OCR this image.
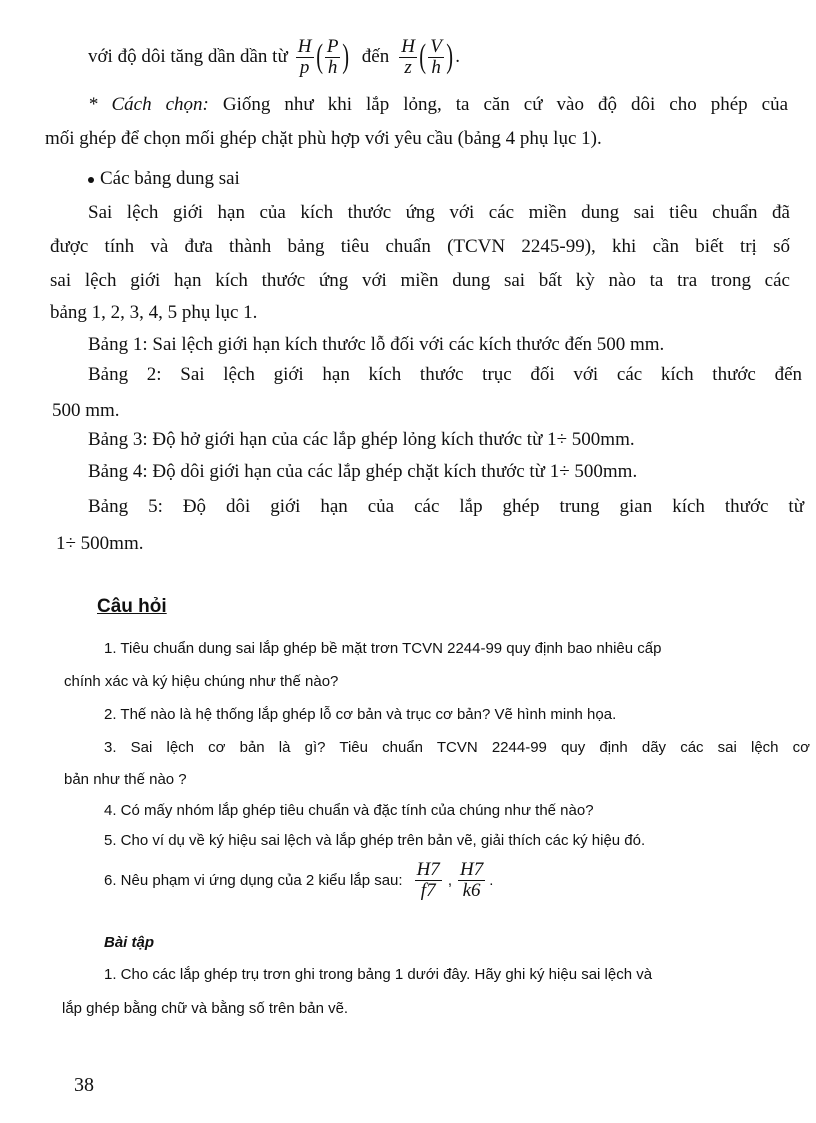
với độ dôi tăng dần dần từ $\frac{H}{p}$ ( $\frac{P}{h}$ ) đến $\frac{H}{z}$ ( $\frac{V}{h}$ ) .
* Cách chọn: Giống như khi lắp lỏng, ta căn cứ vào độ dôi cho phép của
mối ghép để chọn mối ghép chặt phù hợp với yêu cầu (bảng 4 phụ lục 1).
Các bảng dung sai
Sai lệch giới hạn của kích thước ứng với các miền dung sai tiêu chuẩn đã
được tính và đưa thành bảng tiêu chuẩn (TCVN 2245-99), khi cần biết trị số
sai lệch giới hạn kích thước ứng với miền dung sai bất kỳ nào ta tra trong các
bảng 1, 2, 3, 4, 5 phụ lục 1.
Bảng 1: Sai lệch giới hạn kích thước lỗ đối với các kích thước đến 500 mm.
Bảng 2: Sai lệch giới hạn kích thước trục đối với các kích thước đến
500 mm.
Bảng 3: Độ hở giới hạn của các lắp ghép lỏng kích thước từ 1÷ 500mm.
Bảng 4: Độ dôi giới hạn của các lắp ghép chặt kích thước từ 1÷ 500mm.
Bảng 5: Độ dôi giới hạn của các lắp ghép trung gian kích thước từ
1÷ 500mm.
Câu hỏi
1. Tiêu chuẩn dung sai lắp ghép bề mặt trơn TCVN 2244-99 quy định bao nhiêu cấp
chính xác và ký hiệu chúng như thế nào?
2. Thế nào là hệ thống lắp ghép lỗ cơ bản và trục cơ bản? Vẽ hình minh họa.
3. Sai lệch cơ bản là gì? Tiêu chuẩn TCVN 2244-99 quy định dãy các sai lệch cơ
bản như thế nào ?
4. Có mấy nhóm lắp ghép tiêu chuẩn và đặc tính của chúng như thế nào?
5. Cho ví dụ về ký hiệu sai lệch và lắp ghép trên bản vẽ, giải thích các ký hiệu đó.
6. Nêu phạm vi ứng dụng của 2 kiểu lắp sau: $\frac{H7}{f7}$ , $\frac{H7}{k6}$ .
Bài tập
1. Cho các lắp ghép trụ trơn ghi trong bảng 1 dưới đây. Hãy ghi ký hiệu sai lệch và
lắp ghép bằng chữ và bằng số trên bản vẽ.
38
